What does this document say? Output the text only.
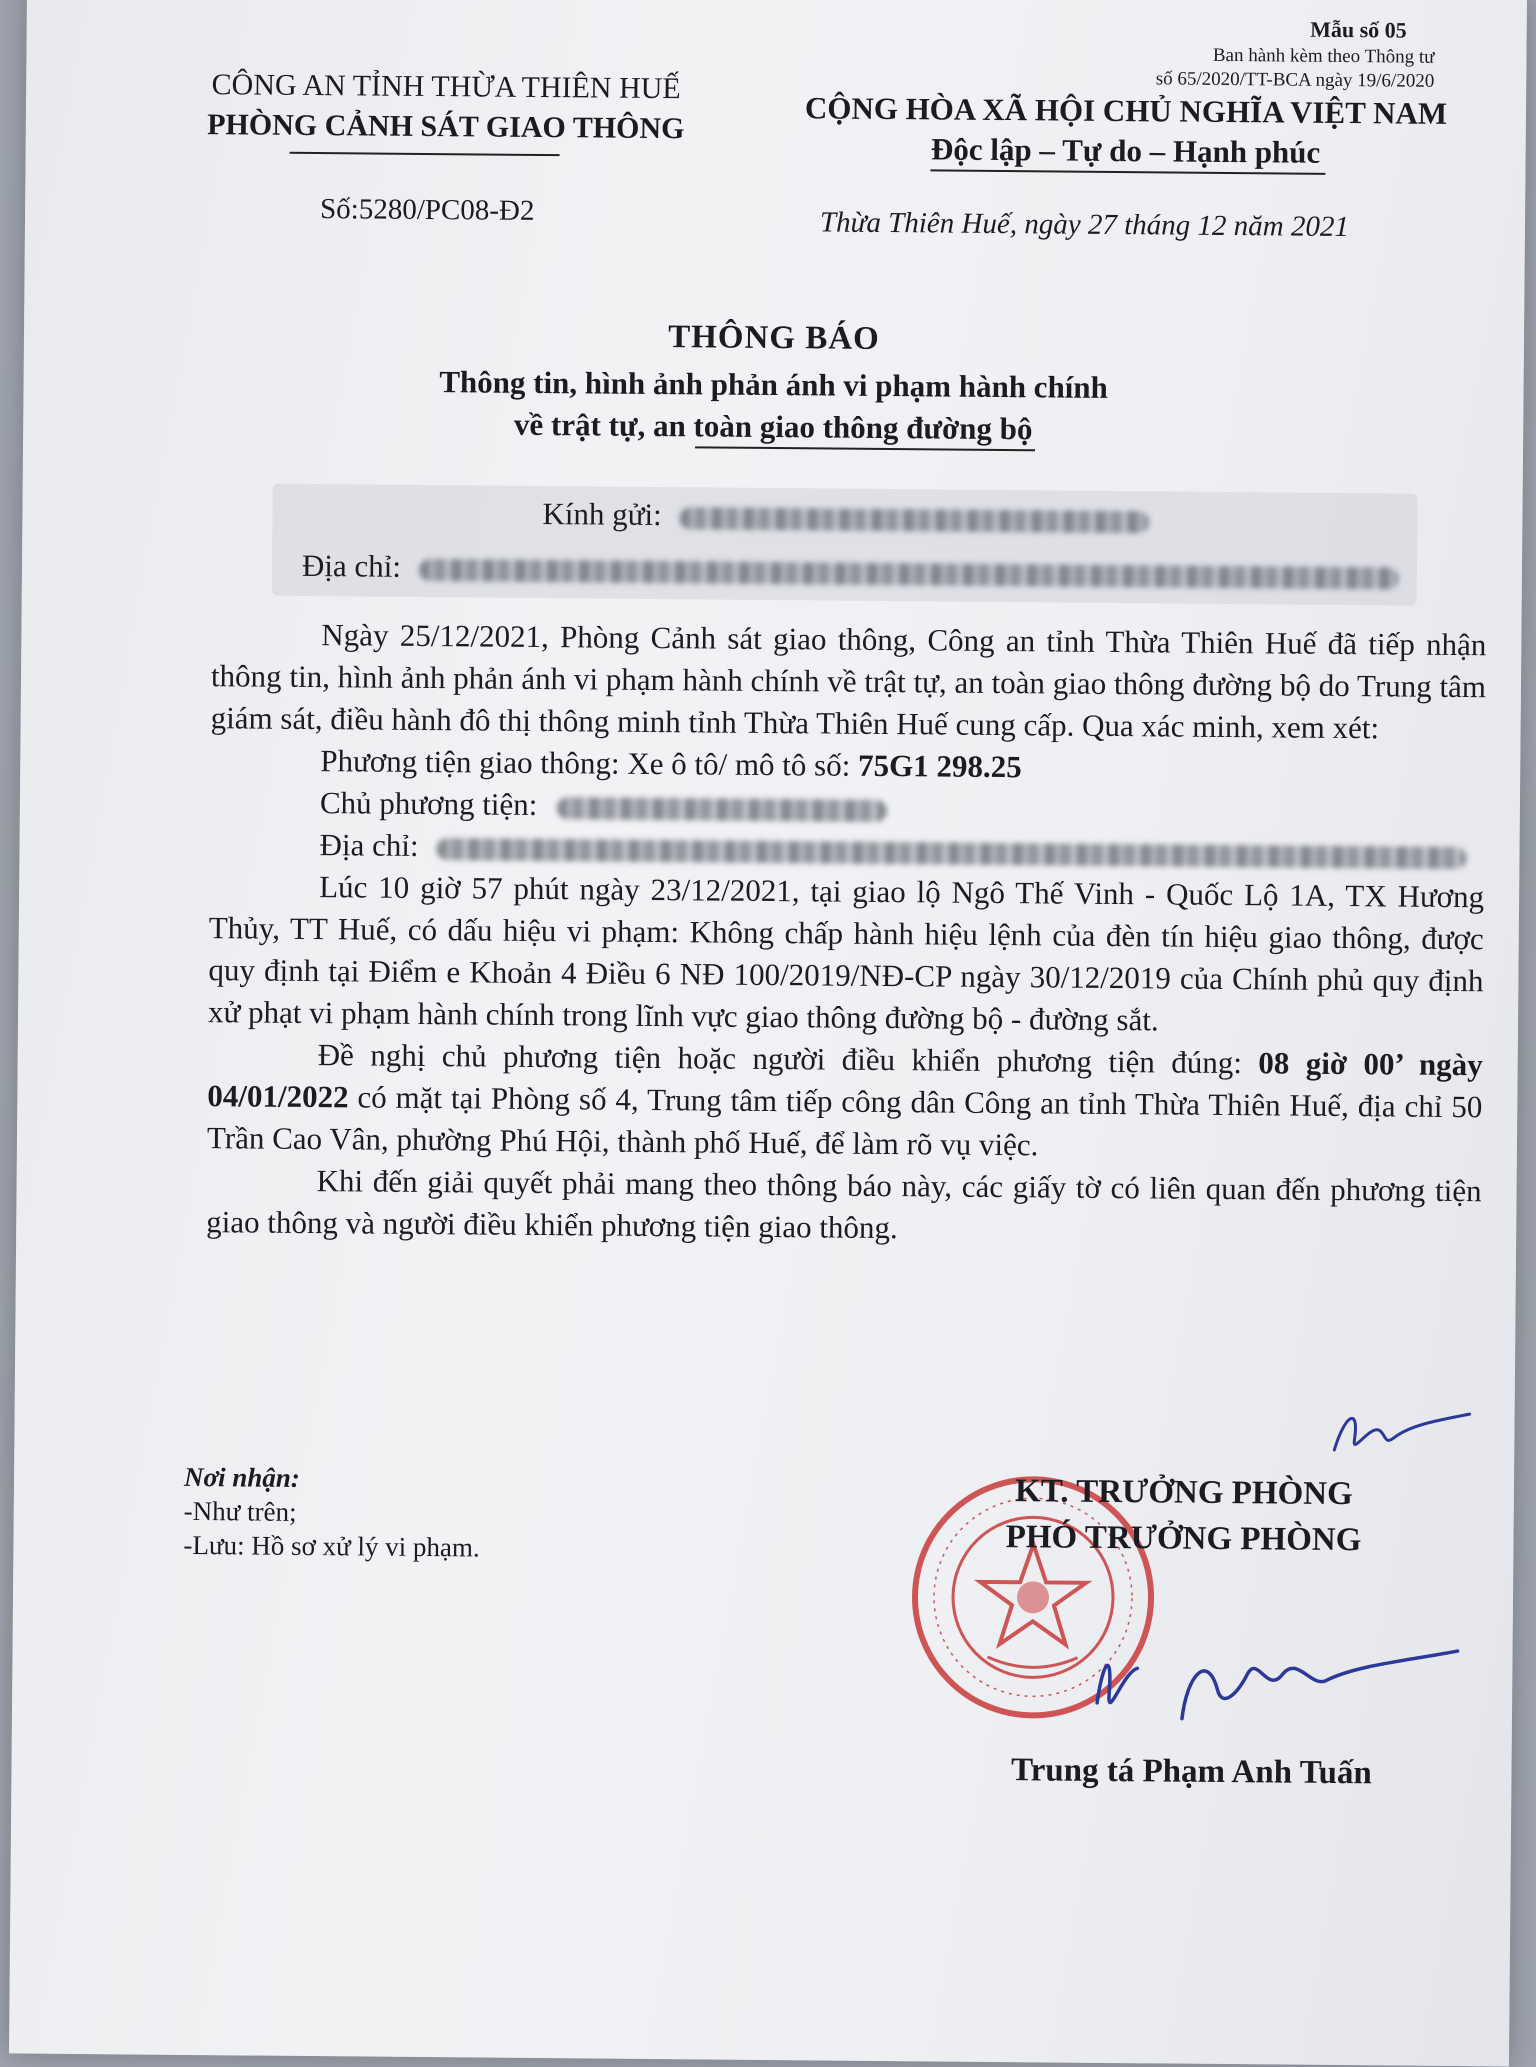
Mẫu số 05
Ban hành kèm theo Thông tư
số 65/2020/TT-BCA ngày 19/6/2020
CÔNG AN TỈNH THỪA THIÊN HUẾ
PHÒNG CẢNH SÁT GIAO THÔNG	CỘNG HÒA XÃ HỘI CHỦ NGHĨA VIỆT NAM
Độc lập – Tự do – Hạnh phúc
Số:5280/PC08-Đ2	Thừa Thiên Huế, ngày 27 tháng 12 năm 2021
THÔNG BÁO
Thông tin, hình ảnh phản ánh vi phạm hành chính
về trật tự, an toàn giao thông đường bộ
Kính gửi:
Địa chỉ:

Ngày 25/12/2021, Phòng Cảnh sát giao thông, Công an tỉnh Thừa Thiên Huế đã tiếp nhận thông tin, hình ảnh phản ánh vi phạm hành chính về trật tự, an toàn giao thông đường bộ do Trung tâm giám sát, điều hành đô thị thông minh tỉnh Thừa Thiên Huế cung cấp. Qua xác minh, xem xét:

Phương tiện giao thông: Xe ô tô/ mô tô số: 75G1 298.25

Chủ phương tiện:

Địa chỉ:

Lúc 10 giờ 57 phút ngày 23/12/2021, tại giao lộ Ngô Thế Vinh - Quốc Lộ 1A, TX Hương Thủy, TT Huế, có dấu hiệu vi phạm: Không chấp hành hiệu lệnh của đèn tín hiệu giao thông, được quy định tại Điểm e Khoản 4 Điều 6 NĐ 100/2019/NĐ-CP ngày 30/12/2019 của Chính phủ quy định xử phạt vi phạm hành chính trong lĩnh vực giao thông đường bộ - đường sắt.

Đề nghị chủ phương tiện hoặc người điều khiển phương tiện đúng: 08 giờ 00’ ngày 04/01/2022 có mặt tại Phòng số 4, Trung tâm tiếp công dân Công an tỉnh Thừa Thiên Huế, địa chỉ 50 Trần Cao Vân, phường Phú Hội, thành phố Huế, để làm rõ vụ việc.

Khi đến giải quyết phải mang theo thông báo này, các giấy tờ có liên quan đến phương tiện giao thông và người điều khiển phương tiện giao thông.

Nơi nhận:
-Như trên;
-Lưu: Hồ sơ xử lý vi phạm.
KT. TRƯỞNG PHÒNG
PHÓ TRƯỞNG PHÒNG
Trung tá Phạm Anh Tuấn
